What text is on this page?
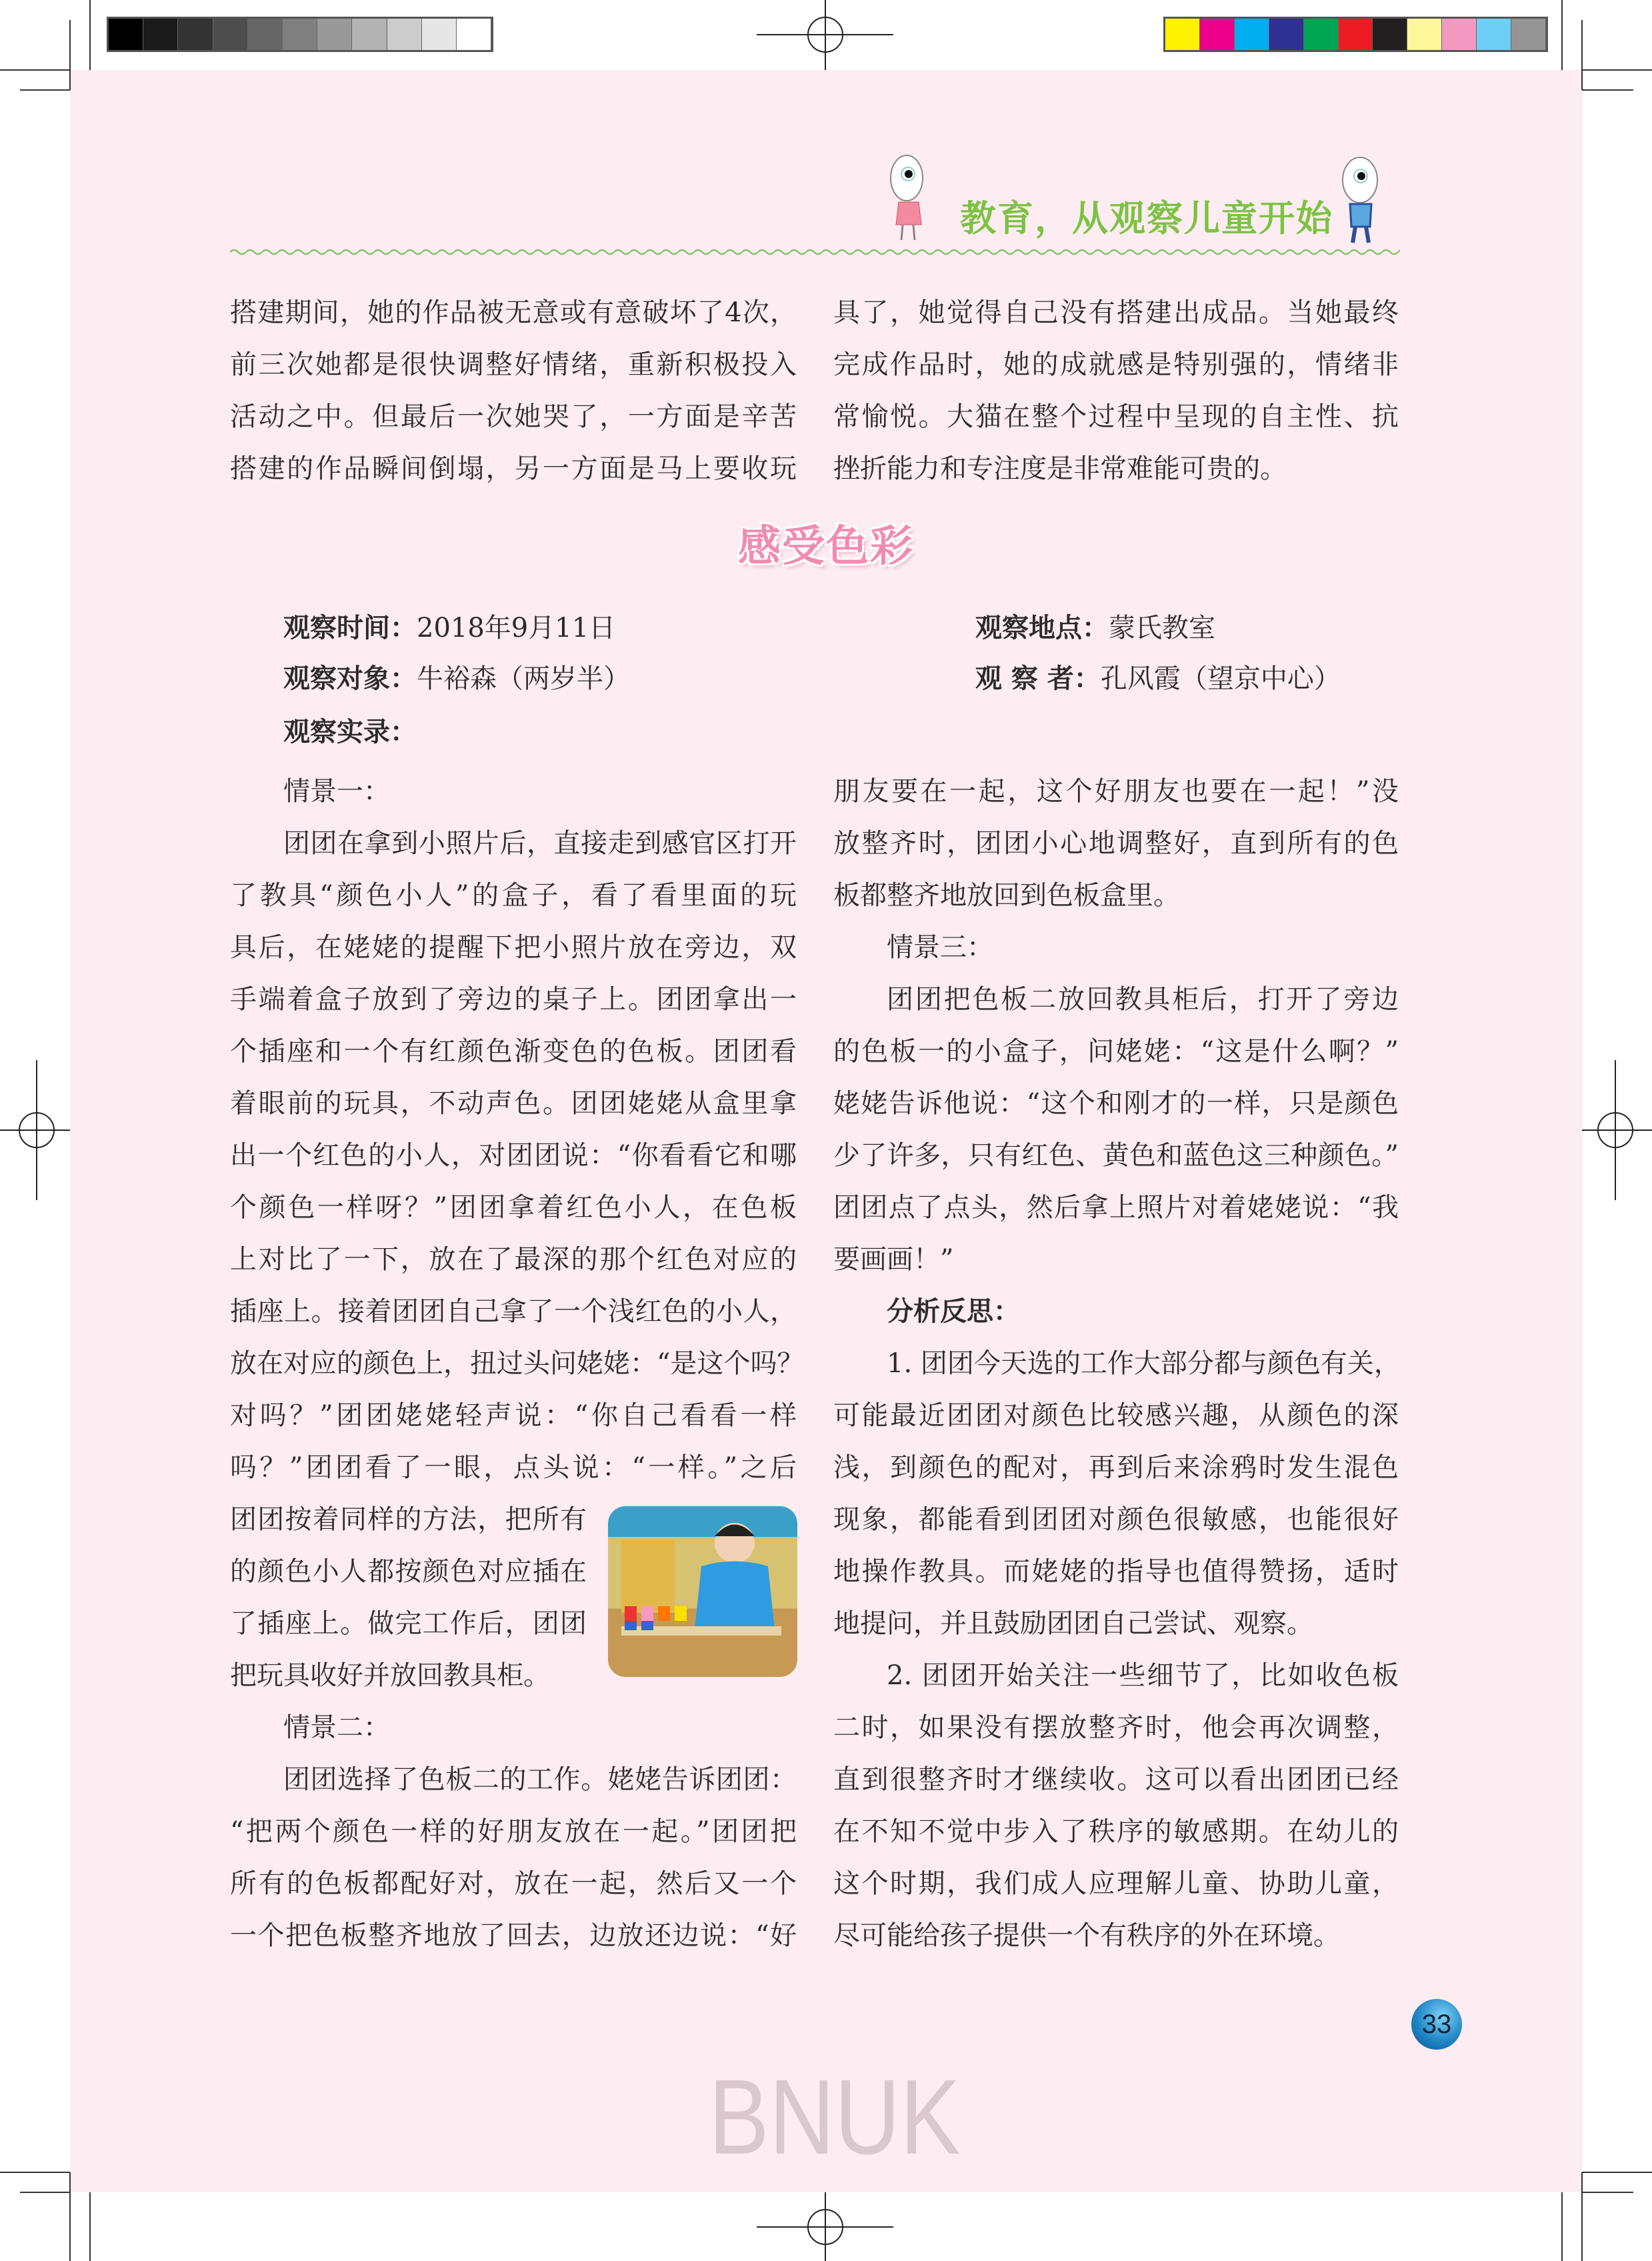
教育，从观察儿童开始
搭建期间，她的作品被无意或有意破坏了4次， 具了，她觉得自己没有搭建出成品。当她最终
前三次她都是很快调整好情绪，重新积极投入 完成作品时，她的成就感是特别强的，情绪非
活动之中。但最后一次她哭了，一方面是辛苦 常愉悦。大猫在整个过程中呈现的自主性、抗
搭建的作品瞬间倒塌，另一方面是马上要收玩 挫折能力和专注度是非常难能可贵的。
感受色彩
观察时间：2018年9月11日	观察地点：蒙氏教室
观察对象：牛裕森（两岁半）	观 察 者：孔风霞（望京中心）
观察实录：
情景一：
团团在拿到小照片后，直接走到感官区打开
了教具“颜色小人”的盒子，看了看里面的玩
具后，在姥姥的提醒下把小照片放在旁边，双
手端着盒子放到了旁边的桌子上。团团拿出一
个插座和一个有红颜色渐变色的色板。团团看
着眼前的玩具，不动声色。团团姥姥从盒里拿
出一个红色的小人，对团团说：“你看看它和哪
个颜色一样呀？”团团拿着红色小人，在色板
上对比了一下，放在了最深的那个红色对应的
插座上。接着团团自己拿了一个浅红色的小人，
放在对应的颜色上，扭过头问姥姥：“是这个吗？
对吗？”团团姥姥轻声说：“你自己看看一样
吗？”团团看了一眼，点头说：“一样。”之后
团团按着同样的方法，把所有
的颜色小人都按颜色对应插在
了插座上。做完工作后，团团
把玩具收好并放回教具柜。
情景二：
团团选择了色板二的工作。姥姥告诉团团：
“把两个颜色一样的好朋友放在一起。”团团把
所有的色板都配好对，放在一起，然后又一个
一个把色板整齐地放了回去，边放还边说：“好
朋友要在一起，这个好朋友也要在一起！”没
放整齐时，团团小心地调整好，直到所有的色
板都整齐地放回到色板盒里。
情景三：
团团把色板二放回教具柜后，打开了旁边
的色板一的小盒子，问姥姥：“这是什么啊？”
姥姥告诉他说：“这个和刚才的一样，只是颜色
少了许多，只有红色、黄色和蓝色这三种颜色。”
团团点了点头，然后拿上照片对着姥姥说：“我
要画画！”
分析反思：
1. 团团今天选的工作大部分都与颜色有关，
可能最近团团对颜色比较感兴趣，从颜色的深
浅，到颜色的配对，再到后来涂鸦时发生混色
现象，都能看到团团对颜色很敏感，也能很好
地操作教具。而姥姥的指导也值得赞扬，适时
地提问，并且鼓励团团自己尝试、观察。
2. 团团开始关注一些细节了，比如收色板
二时，如果没有摆放整齐时，他会再次调整，
直到很整齐时才继续收。这可以看出团团已经
在不知不觉中步入了秩序的敏感期。在幼儿的
这个时期，我们成人应理解儿童、协助儿童，
尽可能给孩子提供一个有秩序的外在环境。
33
BNUK
